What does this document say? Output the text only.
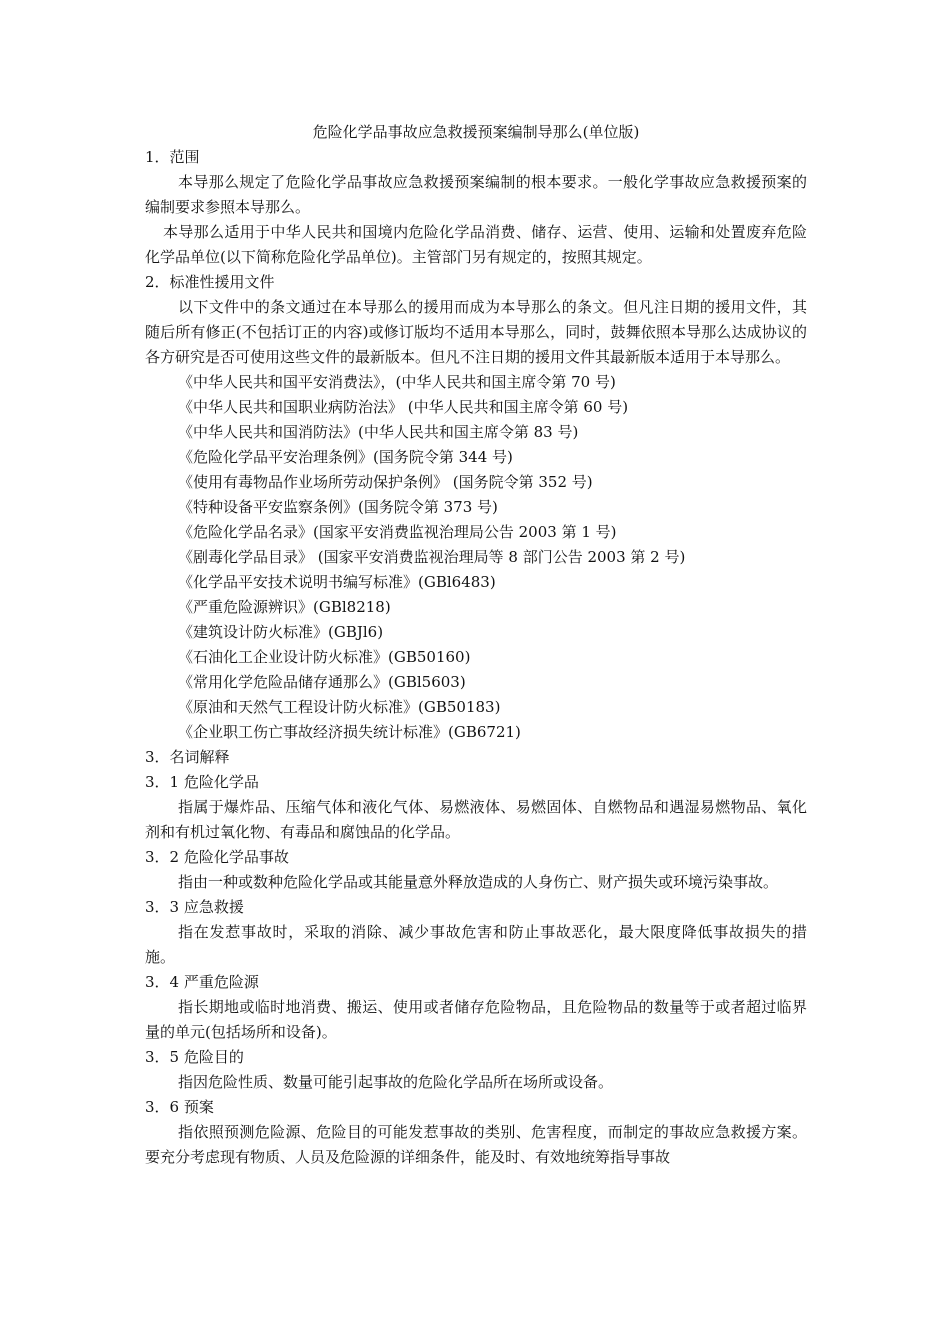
危险化学品事故应急救援预案编制导那么(单位版)

1．范围

本导那么规定了危险化学品事故应急救援预案编制的根本要求。一般化学事故应急救援预案的编制要求参照本导那么。

本导那么适用于中华人民共和国境内危险化学品消费、储存、运营、使用、运输和处置废弃危险化学品单位(以下简称危险化学品单位)。主管部门另有规定的，按照其规定。

2．标准性援用文件

以下文件中的条文通过在本导那么的援用而成为本导那么的条文。但凡注日期的援用文件，其随后所有修正(不包括订正的内容)或修订版均不适用本导那么，同时，鼓舞依照本导那么达成协议的各方研究是否可使用这些文件的最新版本。但凡不注日期的援用文件其最新版本适用于本导那么。

《中华人民共和国平安消费法》，(中华人民共和国主席令第 70 号)
《中华人民共和国职业病防治法》 (中华人民共和国主席令第 60 号)
《中华人民共和国消防法》(中华人民共和国主席令第 83 号)
《危险化学品平安治理条例》(国务院令第 344 号)
《使用有毒物品作业场所劳动保护条例》 (国务院令第 352 号)
《特种设备平安监察条例》(国务院令第 373 号)
《危险化学品名录》(国家平安消费监视治理局公告 2003 第 1 号)
《剧毒化学品目录》 (国家平安消费监视治理局等 8 部门公告 2003 第 2 号)
《化学品平安技术说明书编写标准》(GBl6483)
《严重危险源辨识》(GBl8218)
《建筑设计防火标准》(GBJl6)
《石油化工企业设计防火标准》(GB50160)
《常用化学危险品储存通那么》(GBl5603)
《原油和天然气工程设计防火标准》(GB50183)
《企业职工伤亡事故经济损失统计标准》(GB6721)

3．名词解释

3．1 危险化学品

指属于爆炸品、压缩气体和液化气体、易燃液体、易燃固体、自燃物品和遇湿易燃物品、氧化剂和有机过氧化物、有毒品和腐蚀品的化学品。

3．2 危险化学品事故

指由一种或数种危险化学品或其能量意外释放造成的人身伤亡、财产损失或环境污染事故。

3．3 应急救援

指在发惹事故时，采取的消除、减少事故危害和防止事故恶化，最大限度降低事故损失的措施。

3．4 严重危险源

指长期地或临时地消费、搬运、使用或者储存危险物品，且危险物品的数量等于或者超过临界量的单元(包括场所和设备)。

3．5 危险目的

指因危险性质、数量可能引起事故的危险化学品所在场所或设备。

3．6 预案

指依照预测危险源、危险目的可能发惹事故的类别、危害程度，而制定的事故应急救援方案。要充分考虑现有物质、人员及危险源的详细条件，能及时、有效地统筹指导事故
